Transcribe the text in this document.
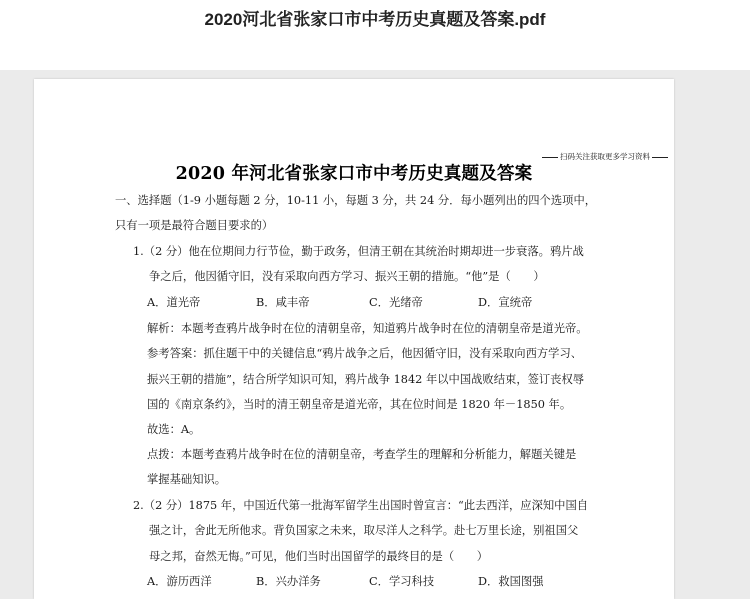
2020河北省张家口市中考历史真题及答案.pdf
扫码关注获取更多学习资料
2020 年河北省张家口市中考历史真题及答案
一、选择题（1-9 小题每题 2 分，10-11 小，每题 3 分，共 24 分．每小题列出的四个选项中，
只有一项是最符合题目要求的）
1.（2 分）他在位期间力行节俭，勤于政务，但清王朝在其统治时期却进一步衰落。鸦片战
争之后，他因循守旧，没有采取向西方学习、振兴王朝的措施。“他”是（　　）
A．道光帝	B．咸丰帝	C．光绪帝	D．宣统帝
解析：本题考查鸦片战争时在位的清朝皇帝，知道鸦片战争时在位的清朝皇帝是道光帝。
参考答案：抓住题干中的关键信息“鸦片战争之后，他因循守旧，没有采取向西方学习、
振兴王朝的措施”，结合所学知识可知，鸦片战争 1842 年以中国战败结束，签订丧权辱
国的《南京条约》，当时的清王朝皇帝是道光帝，其在位时间是 1820 年－1850 年。
故选：A。
点拨：本题考查鸦片战争时在位的清朝皇帝，考查学生的理解和分析能力，解题关键是
掌握基础知识。
2.（2 分）1875 年，中国近代第一批海军留学生出国时曾宣言：“此去西洋，应深知中国自
强之计，舍此无所他求。背负国家之未来，取尽洋人之科学。赴七万里长途，别祖国父
母之邦，奋然无悔。”可见，他们当时出国留学的最终目的是（　　）
A．游历西洋	B．兴办洋务	C．学习科技	D．救国图强
